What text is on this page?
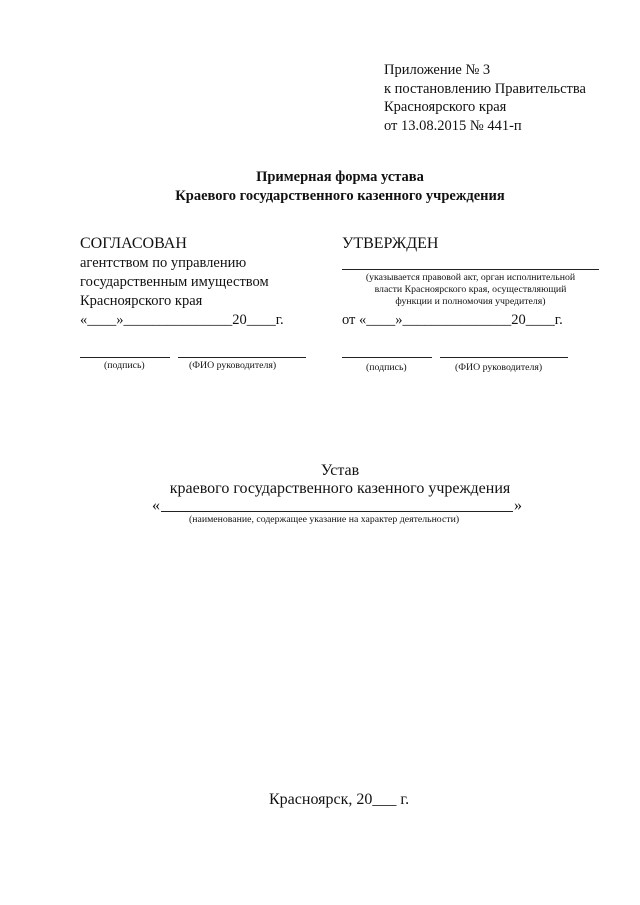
Приложение № 3
к постановлению Правительства
Красноярского края
от 13.08.2015 № 441-п
Примерная форма устава
Краевого государственного казенного учреждения
СОГЛАСОВАН
агентством по управлению
государственным имуществом
Красноярского края
«____»_______________20____г.
(подпись)	(ФИО руководителя)
УТВЕРЖДЕН
(указывается правовой акт, орган исполнительной
власти Красноярского края, осуществляющий
функции и полномочия учредителя)
от «____»_______________20____г.
(подпись)	(ФИО руководителя)
Устав
краевого государственного казенного учреждения
«	»
(наименование, содержащее указание на характер деятельности)
Красноярск, 20___ г.
